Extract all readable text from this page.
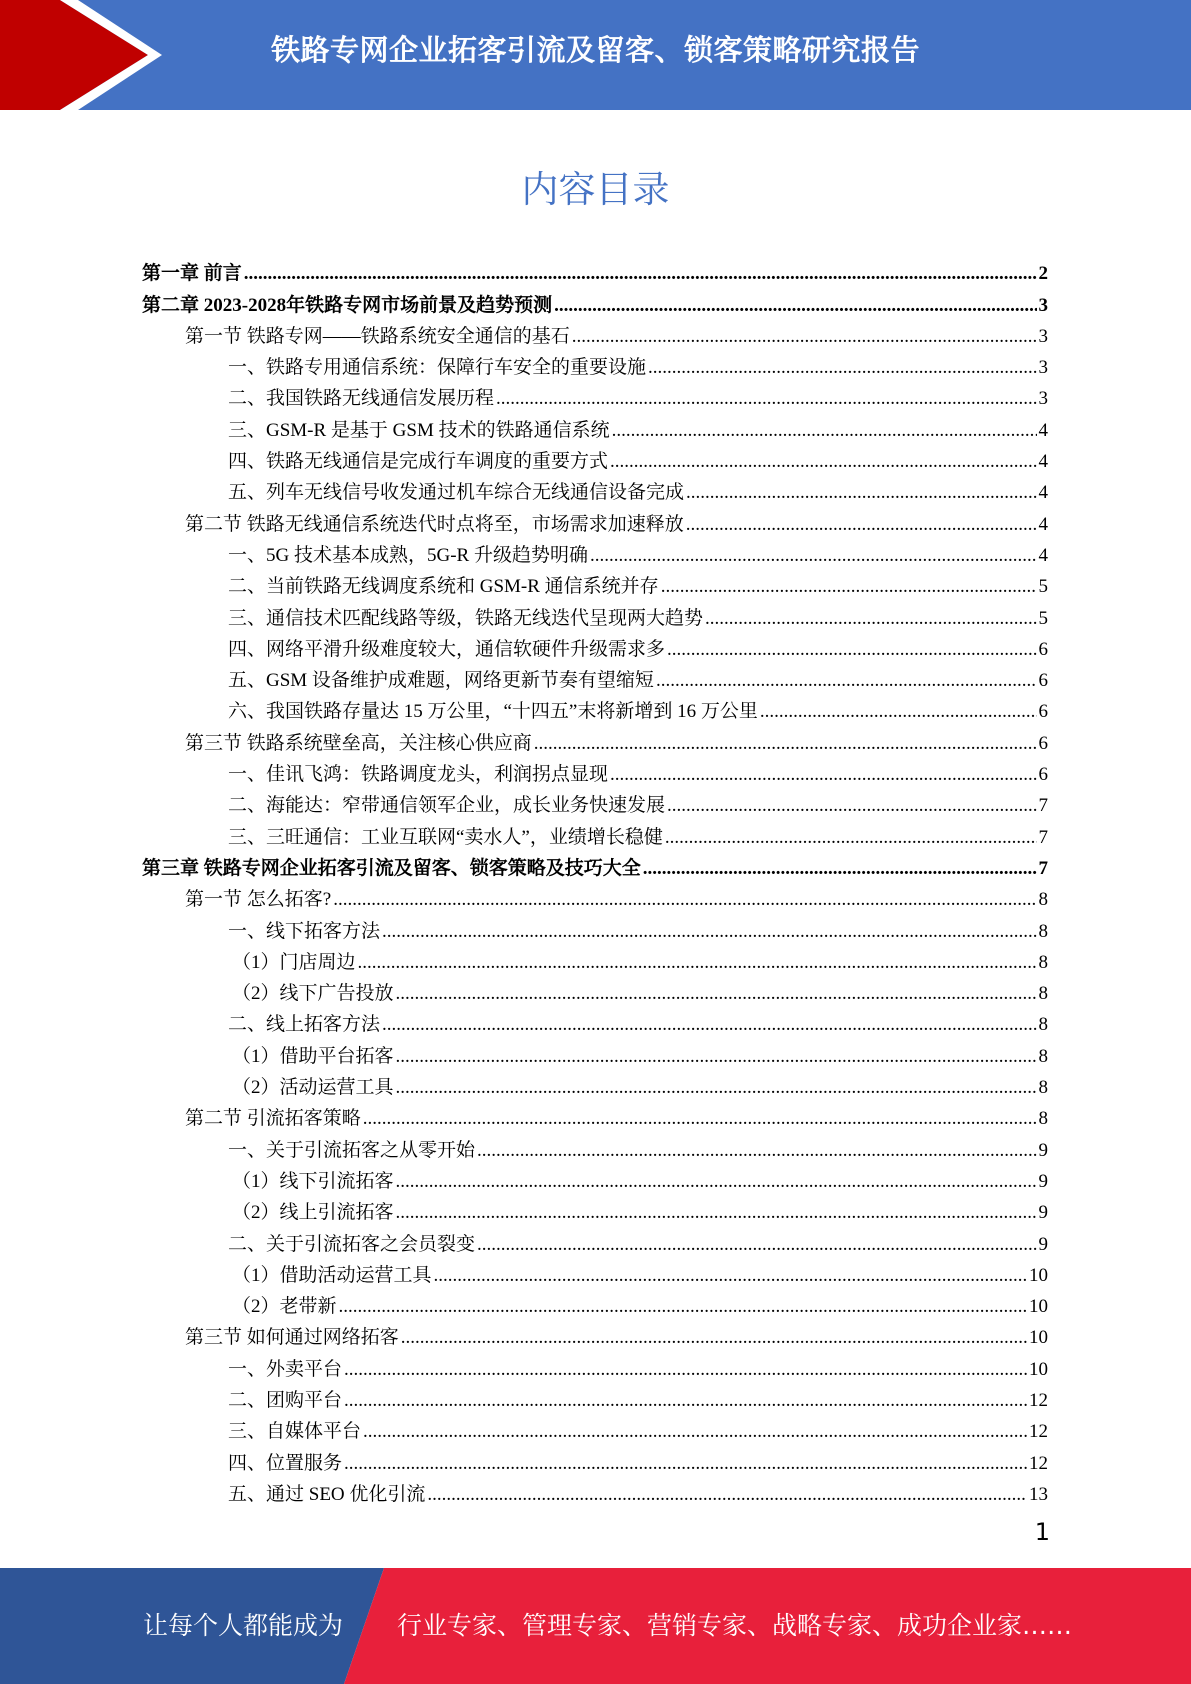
铁路专网企业拓客引流及留客、锁客策略研究报告
内容目录
第一章 前言 .....	2
第二章 2023-2028年铁路专网市场前景及趋势预测 .....	3
第一节 铁路专网——铁路系统安全通信的基石 .....	3
一、铁路专用通信系统：保障行车安全的重要设施 .....	3
二、我国铁路无线通信发展历程 .....	3
三、GSM-R 是基于 GSM 技术的铁路通信系统 .....	4
四、铁路无线通信是完成行车调度的重要方式 .....	4
五、列车无线信号收发通过机车综合无线通信设备完成 .....	4
第二节 铁路无线通信系统迭代时点将至，市场需求加速释放 .....	4
一、5G 技术基本成熟，5G-R 升级趋势明确 .....	4
二、当前铁路无线调度系统和 GSM-R 通信系统并存 .....	5
三、通信技术匹配线路等级，铁路无线迭代呈现两大趋势 .....	5
四、网络平滑升级难度较大，通信软硬件升级需求多 .....	6
五、GSM 设备维护成难题，网络更新节奏有望缩短 .....	6
六、我国铁路存量达 15 万公里，“十四五”末将新增到 16 万公里 .....	6
第三节 铁路系统壁垒高，关注核心供应商 .....	6
一、佳讯飞鸿：铁路调度龙头，利润拐点显现 .....	6
二、海能达：窄带通信领军企业，成长业务快速发展 .....	7
三、三旺通信：工业互联网“卖水人”，业绩增长稳健 .....	7
第三章 铁路专网企业拓客引流及留客、锁客策略及技巧大全 .....	7
第一节 怎么拓客? .....	8
一、线下拓客方法 .....	8
（1）门店周边 .....	8
（2）线下广告投放 .....	8
二、线上拓客方法 .....	8
（1）借助平台拓客 .....	8
（2）活动运营工具 .....	8
第二节 引流拓客策略 .....	8
一、关于引流拓客之从零开始 .....	9
（1）线下引流拓客 .....	9
（2）线上引流拓客 .....	9
二、关于引流拓客之会员裂变 .....	9
（1）借助活动运营工具 .....	10
（2）老带新 .....	10
第三节 如何通过网络拓客 .....	10
一、外卖平台 .....	10
二、团购平台 .....	12
三、自媒体平台 .....	12
四、位置服务 .....	12
五、通过 SEO 优化引流 .....	13
1
让每个人都能成为 行业专家、管理专家、营销专家、战略专家、成功企业家……
